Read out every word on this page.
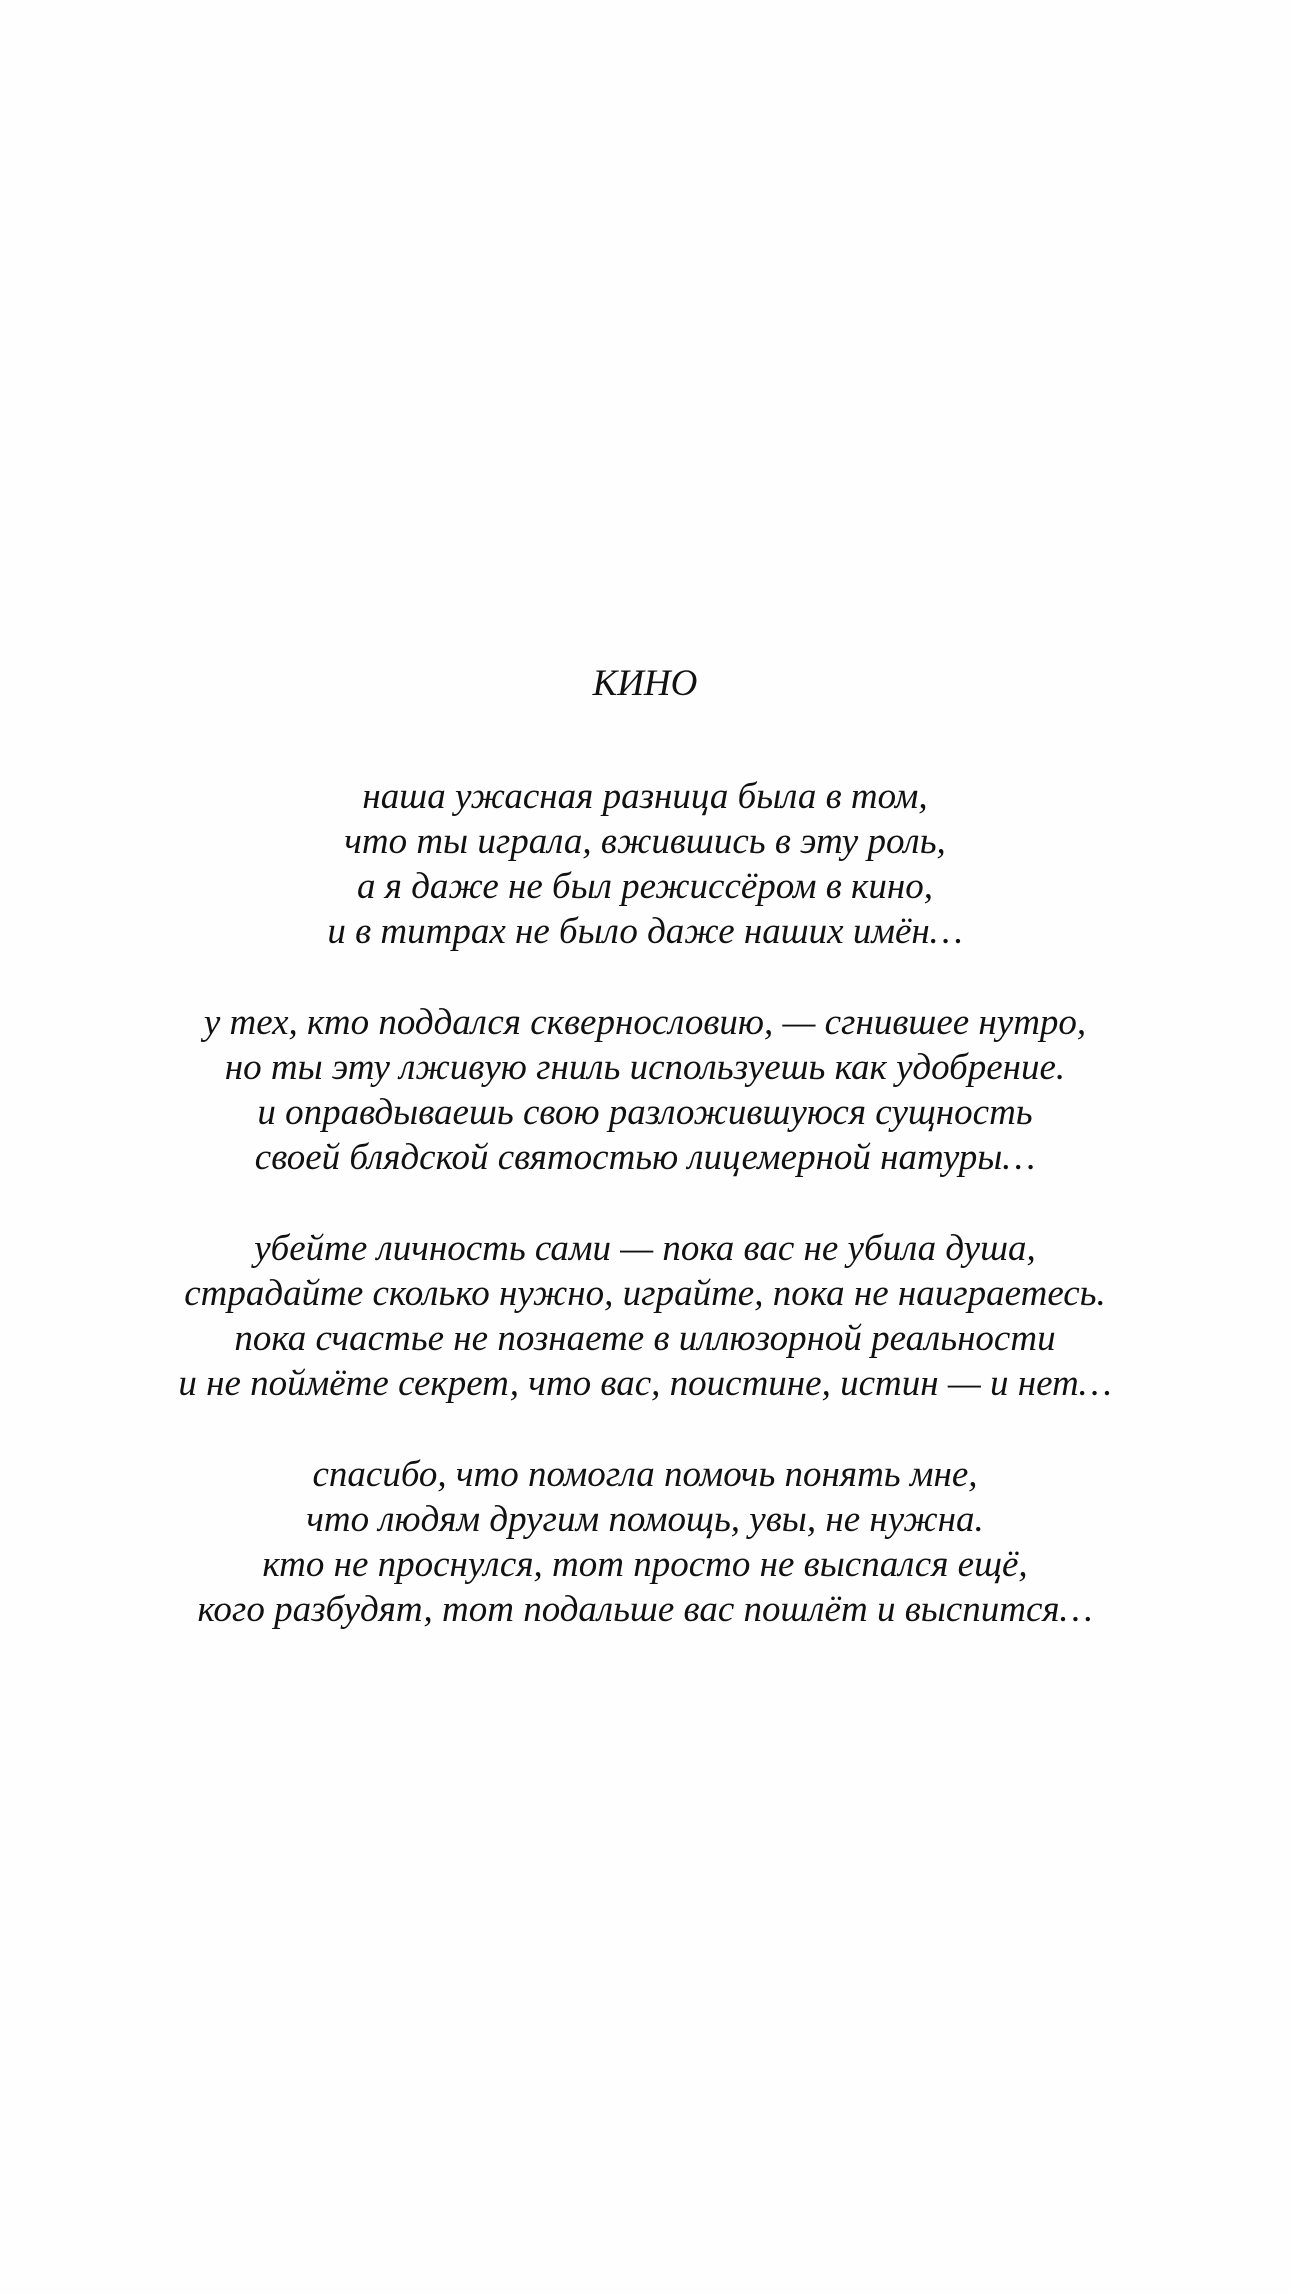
КИНО
наша ужасная разница была в том,
что ты играла, вжившись в эту роль,
а я даже не был режиссёром в кино,
и в титрах не было даже наших имён…
у тех, кто поддался сквернословию, — сгнившее нутро,
но ты эту лживую гниль используешь как удобрение.
и оправдываешь свою разложившуюся сущность
своей блядской святостью лицемерной натуры…
убейте личность сами — пока вас не убила душа,
страдайте сколько нужно, играйте, пока не наиграетесь.
пока счастье не познаете в иллюзорной реальности
и не поймёте секрет, что вас, поистине, истин — и нет…
спасибо, что помогла помочь понять мне,
что людям другим помощь, увы, не нужна.
кто не проснулся, тот просто не выспался ещё,
кого разбудят, тот подальше вас пошлёт и выспится…
